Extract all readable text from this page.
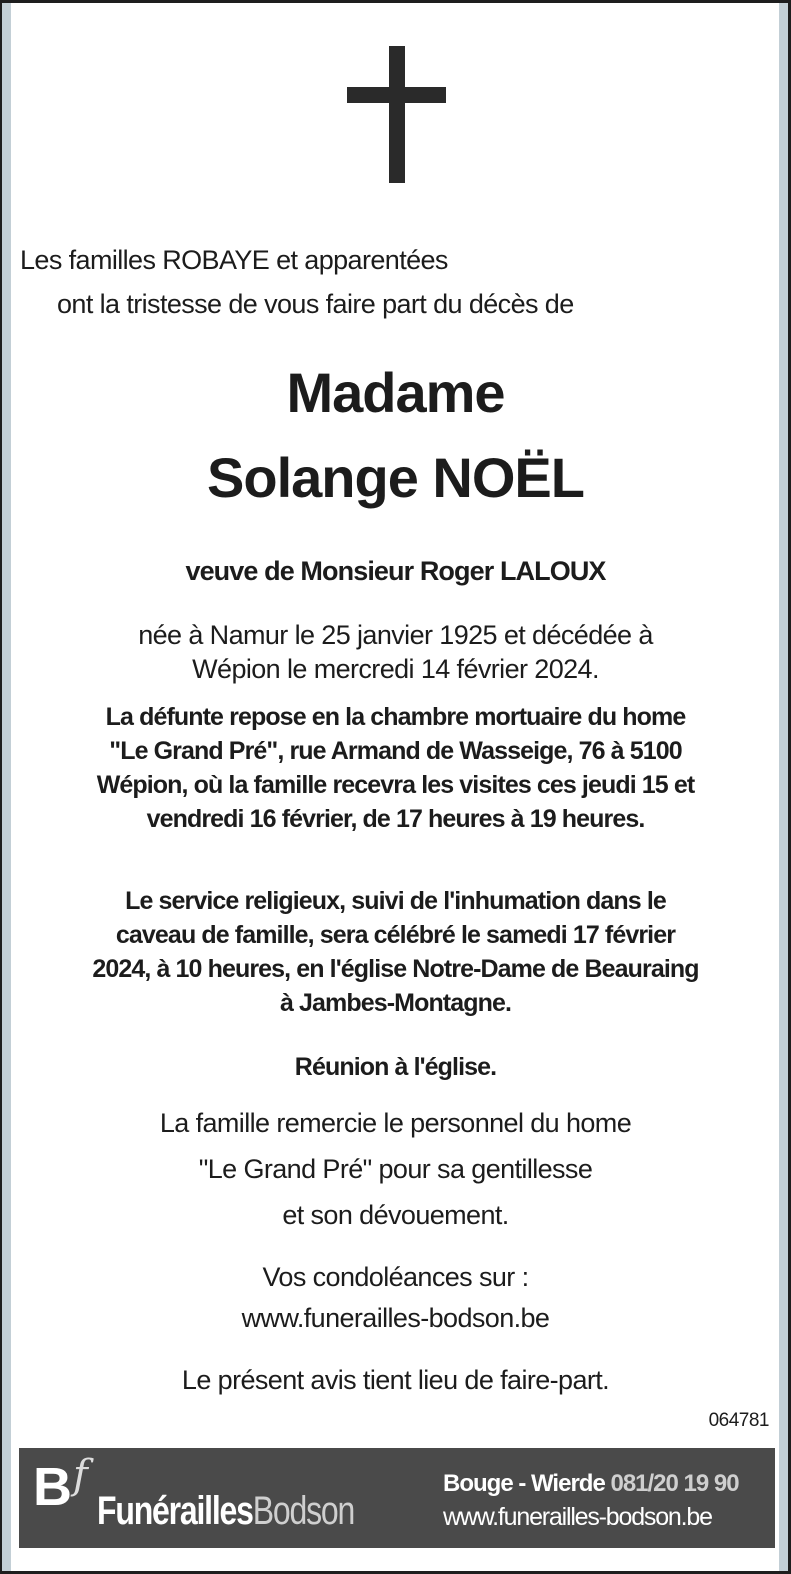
Les familles ROBAYE et apparentées
ont la tristesse de vous faire part du décès de
Madame
Solange NOËL
veuve de Monsieur Roger LALOUX
née à Namur le 25 janvier 1925 et décédée à
Wépion le mercredi 14 février 2024.
La défunte repose en la chambre mortuaire du home
"Le Grand Pré", rue Armand de Wasseige, 76 à 5100
Wépion, où la famille recevra les visites ces jeudi 15 et
vendredi 16 février, de 17 heures à 19 heures.
Le service religieux, suivi de l'inhumation dans le
caveau de famille, sera célébré le samedi 17 février
2024, à 10 heures, en l'église Notre-Dame de Beauraing
à Jambes-Montagne.
Réunion à l'église.
La famille remercie le personnel du home
"Le Grand Pré" pour sa gentillesse
et son dévouement.
Vos condoléances sur :
www.funerailles-bodson.be
Le présent avis tient lieu de faire-part.
064781
B f
FunéraillesBodson
Bouge - Wierde 081/20 19 90
www.funerailles-bodson.be
